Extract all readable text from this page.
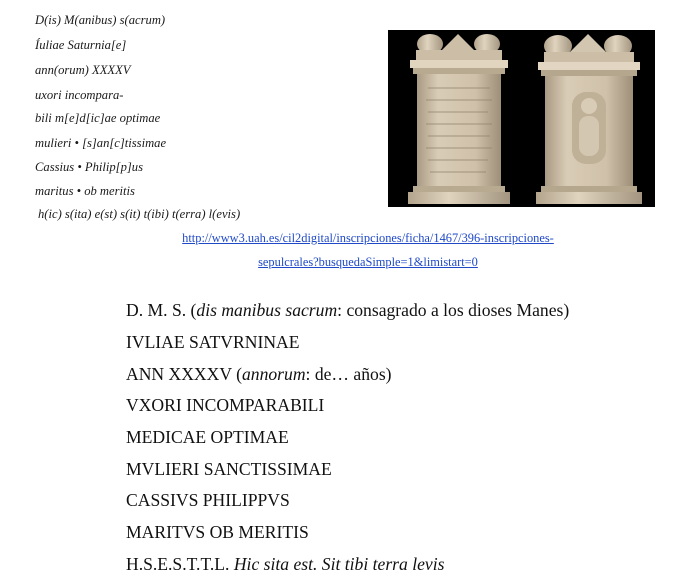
D(is) M(anibus) s(acrum)
Íuliae Saturnia[e]
ann(orum) XXXXV
uxori incompara-
bili m[e]d[ic]ae optimae
mulieri • [s]an[c]tissimae
Cassius • Philip[p]us
maritus • ob meritis
h(ic) s(ita) e(st) s(it) t(ibi) t(erra) l(evis)
http://www3.uah.es/cil2digital/inscripciones/ficha/1467/396-inscripciones-
sepulcrales?busquedaSimple=1&limistart=0
D. M. S. (dis manibus sacrum: consagrado a los dioses Manes)
IVLIAE SATVRNINAE
ANN XXXXV (annorum: de… años)
VXORI INCOMPARABILI
MEDICAE OPTIMAE
MVLIERI SANCTISSIMAE
CASSIVS PHILIPPVS
MARITVS OB MERITIS
H.S.E.S.T.T.L. Hic sita est. Sit tibi terra levis
